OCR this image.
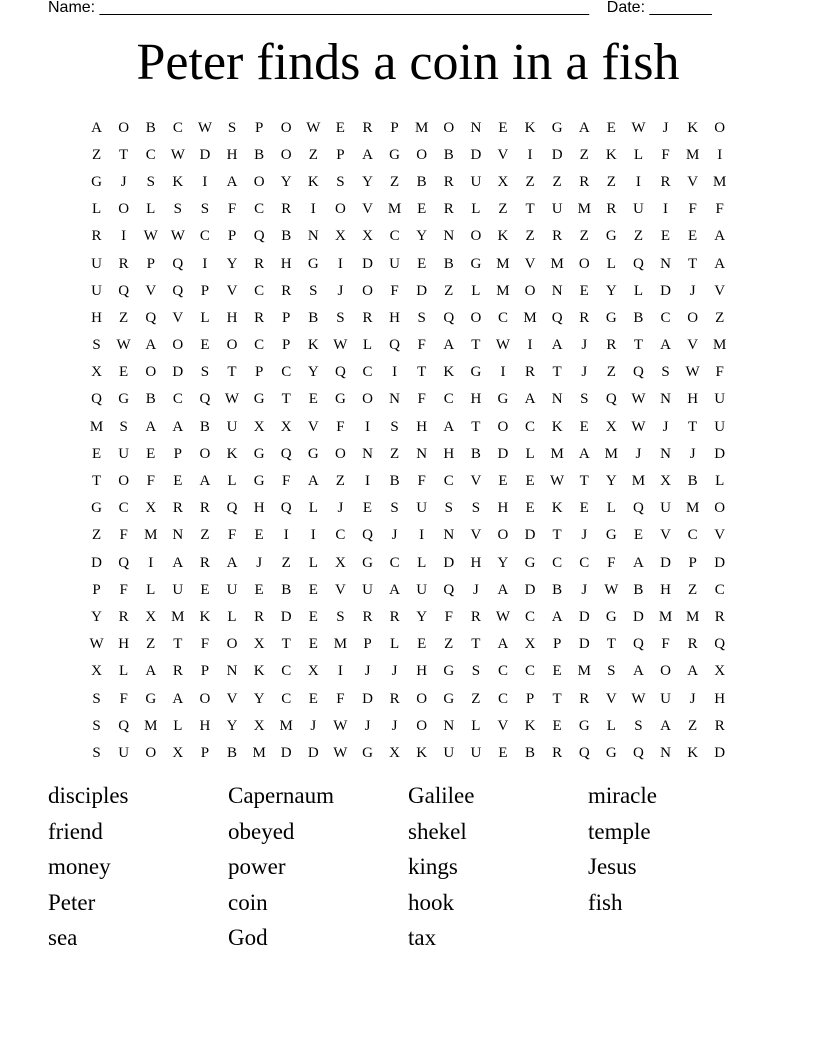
Name: _______________________________________________________ Date: _______
Peter finds a coin in a fish
A	O	B	C	W	S	P	O W	E	R	P	M	O	N	E	K	G	A	E	W	J	K	O
Z	T	C	W D	H	B	O	Z	P	A	G	O	B	D	V	I	D	Z	K	L	F	M	I
G	J	S	K	I	A	O	Y	K	S	Y	Z	B	R	U	X	Z	Z	R	Z	I	R	V	M
L	O	L	S	S	F	C	R	I	O	V	M	E	R	L	Z	T	U	M	R	U	I	F	F
R	I	W W	C	P	Q	B	N	X	X	C	Y	N	O	K	Z	R	Z	G	Z	E	E	A
U	R	P	Q	I	Y	R	H	G	I	D	U	E	B	G	M	V	M	O	L	Q	N	T	A
U	Q	V	Q	P	V	C	R	S	J	O	F	D	Z	L	M	O	N	E	Y	L	D	J	V
H	Z	Q	V	L	H	R	P	B	S	R	H	S	Q	O	C	M	Q	R	G	B	C	O	Z
S	W A	O	E	O	C	P	K W	L	Q	F	A	T	W	I	A	J	R	T	A	V	M
X	E	O	D	S	T	P	C	Y	Q	C	I	T	K	G	I	R	T	J	Z	Q	S	W	F
Q	G	B	C	Q W G	T	E	G	O	N	F	C	H	G	A	N	S	Q W N	H	U
M	S	A	A	B	U	X	X	V	F	I	S	H	A	T	O	C	K	E	X W	J	T	U
E	U	E	P	O	K	G	Q	G	O	N	Z	N	H	B	D	L	M	A	M	J	N	J	D
T	O	F	E	A	L	G	F	A	Z	I	B	F	C	V	E	E	W	T	Y	M	X	B	L
G	C	X	R	R	Q	H	Q	L	J	E	S	U	S	S	H	E	K	E	L	Q	U	M	O
Z	F	M	N	Z	F	E	I	I	C	Q	J	I	N	V	O	D	T	J	G	E	V	C	V
D	Q	I	A	R	A	J	Z	L	X	G	C	L	D	H	Y	G	C	C	F	A	D	P	D
P	F	L	U	E	U	E	B	E	V	U	A	U	Q	J	A	D	B	J	W	B	H	Z	C
Y	R	X	M	K	L	R	D	E	S	R	R	Y	F	R	W	C	A	D	G	D	M M	R
W H	Z	T	F	O	X	T	E	M	P	L	E	Z	T	A	X	P	D	T	Q	F	R	Q
X	L	A	R	P	N	K	C	X	I	J	J	H	G	S	C	C	E	M	S	A	O	A	X
S	F	G	A	O	V	Y	C	E	F	D	R	O	G	Z	C	P	T	R	V W U	J	H
S	Q	M	L	H	Y	X	M	J	W	J	J	O	N	L	V	K	E	G	L	S	A	Z	R
S	U	O	X	P	B	M	D	D W G	X	K	U	U	E	B	R	Q	G	Q	N	K	D
disciples	Capernaum	Galilee	miracle
friend	obeyed	shekel	temple
money	power	kings	Jesus
Peter	coin	hook	fish
sea	God	tax
